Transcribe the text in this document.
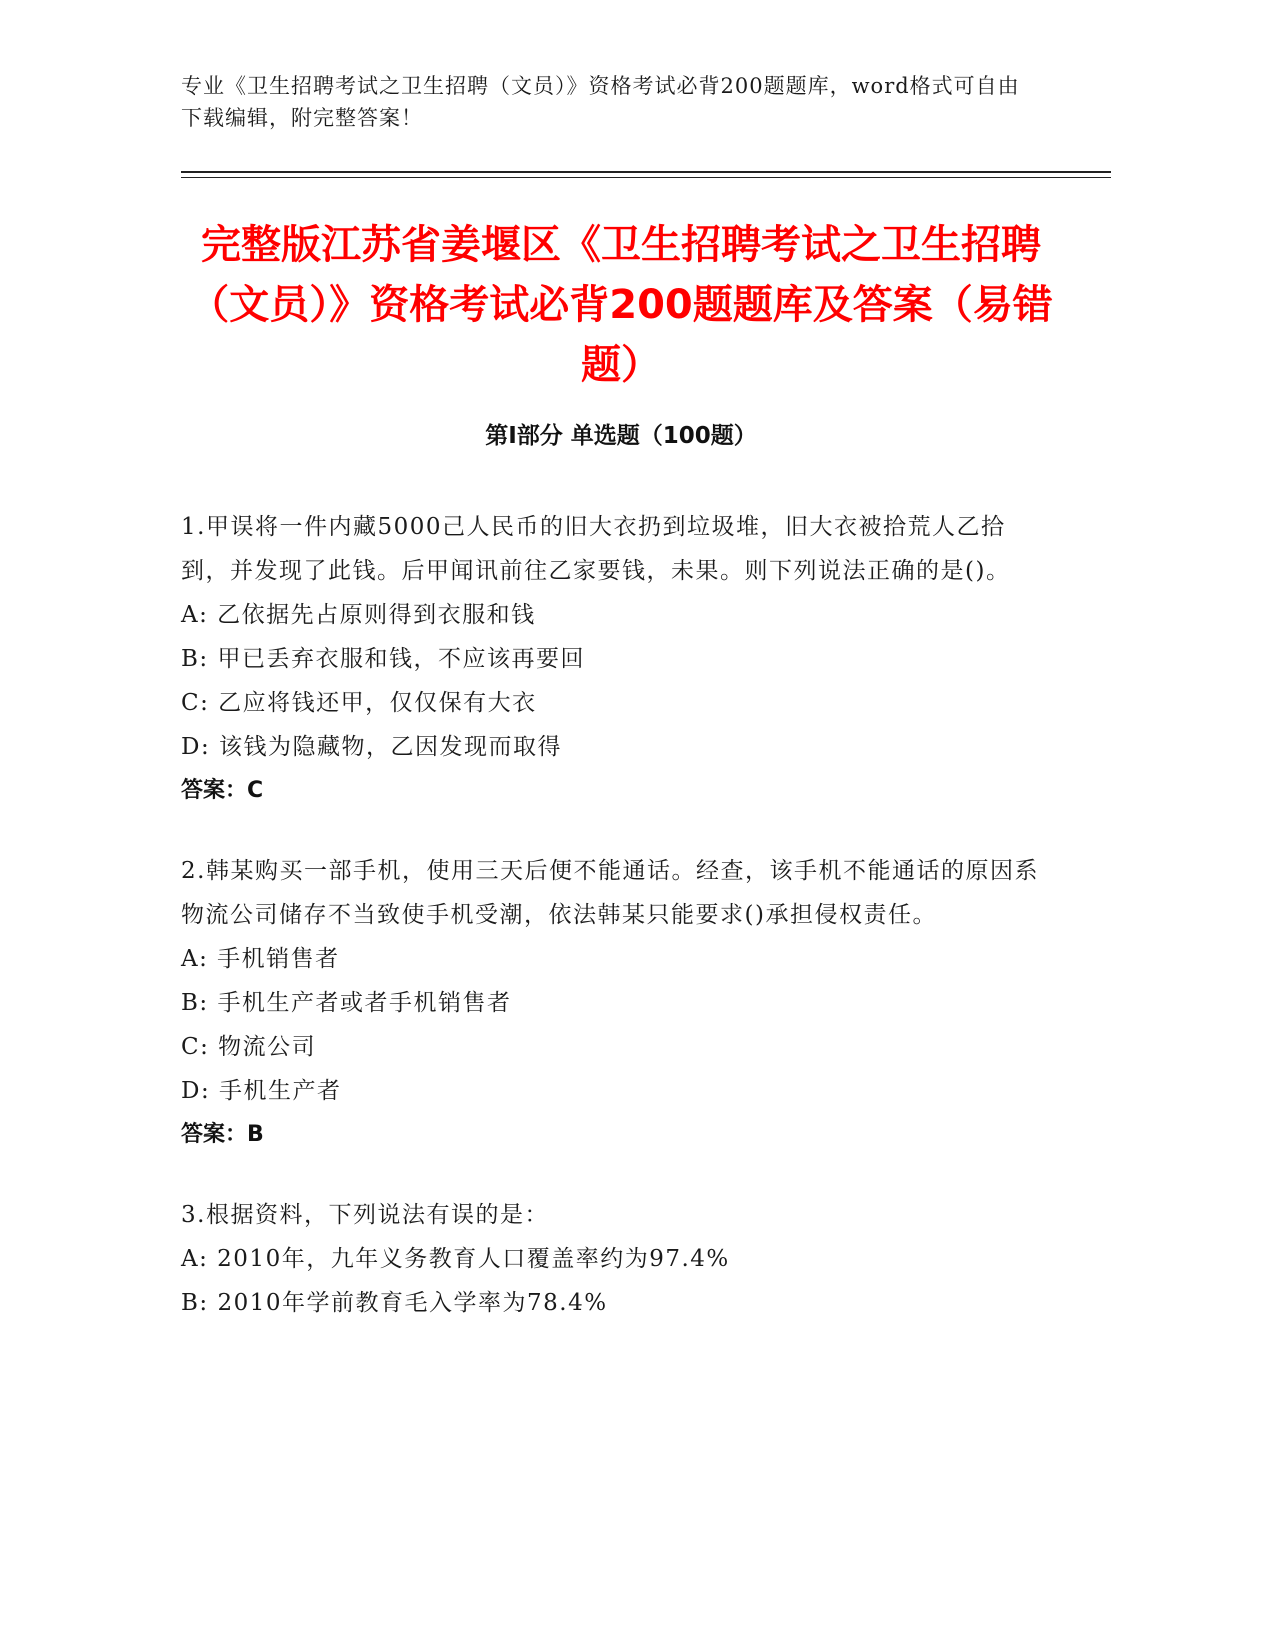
专业《卫生招聘考试之卫生招聘（文员）》资格考试必背200题题库，word格式可自由下载编辑，附完整答案！
完整版江苏省姜堰区《卫生招聘考试之卫生招聘（文员）》资格考试必背200题题库及答案（易错题）
第Ⅰ部分 单选题（100题）

1.甲误将一件内藏5000己人民币的旧大衣扔到垃圾堆，旧大衣被拾荒人乙拾到，并发现了此钱。后甲闻讯前往乙家要钱，未果。则下列说法正确的是()。

A: 乙依据先占原则得到衣服和钱

B: 甲已丢弃衣服和钱，不应该再要回

C: 乙应将钱还甲，仅仅保有大衣

D: 该钱为隐藏物，乙因发现而取得

答案：C

2.韩某购买一部手机，使用三天后便不能通话。经查，该手机不能通话的原因系物流公司储存不当致使手机受潮，依法韩某只能要求()承担侵权责任。

A: 手机销售者

B: 手机生产者或者手机销售者

C: 物流公司

D: 手机生产者

答案：B

3.根据资料，下列说法有误的是：

A: 2010年，九年义务教育人口覆盖率约为97.4%

B: 2010年学前教育毛入学率为78.4%
